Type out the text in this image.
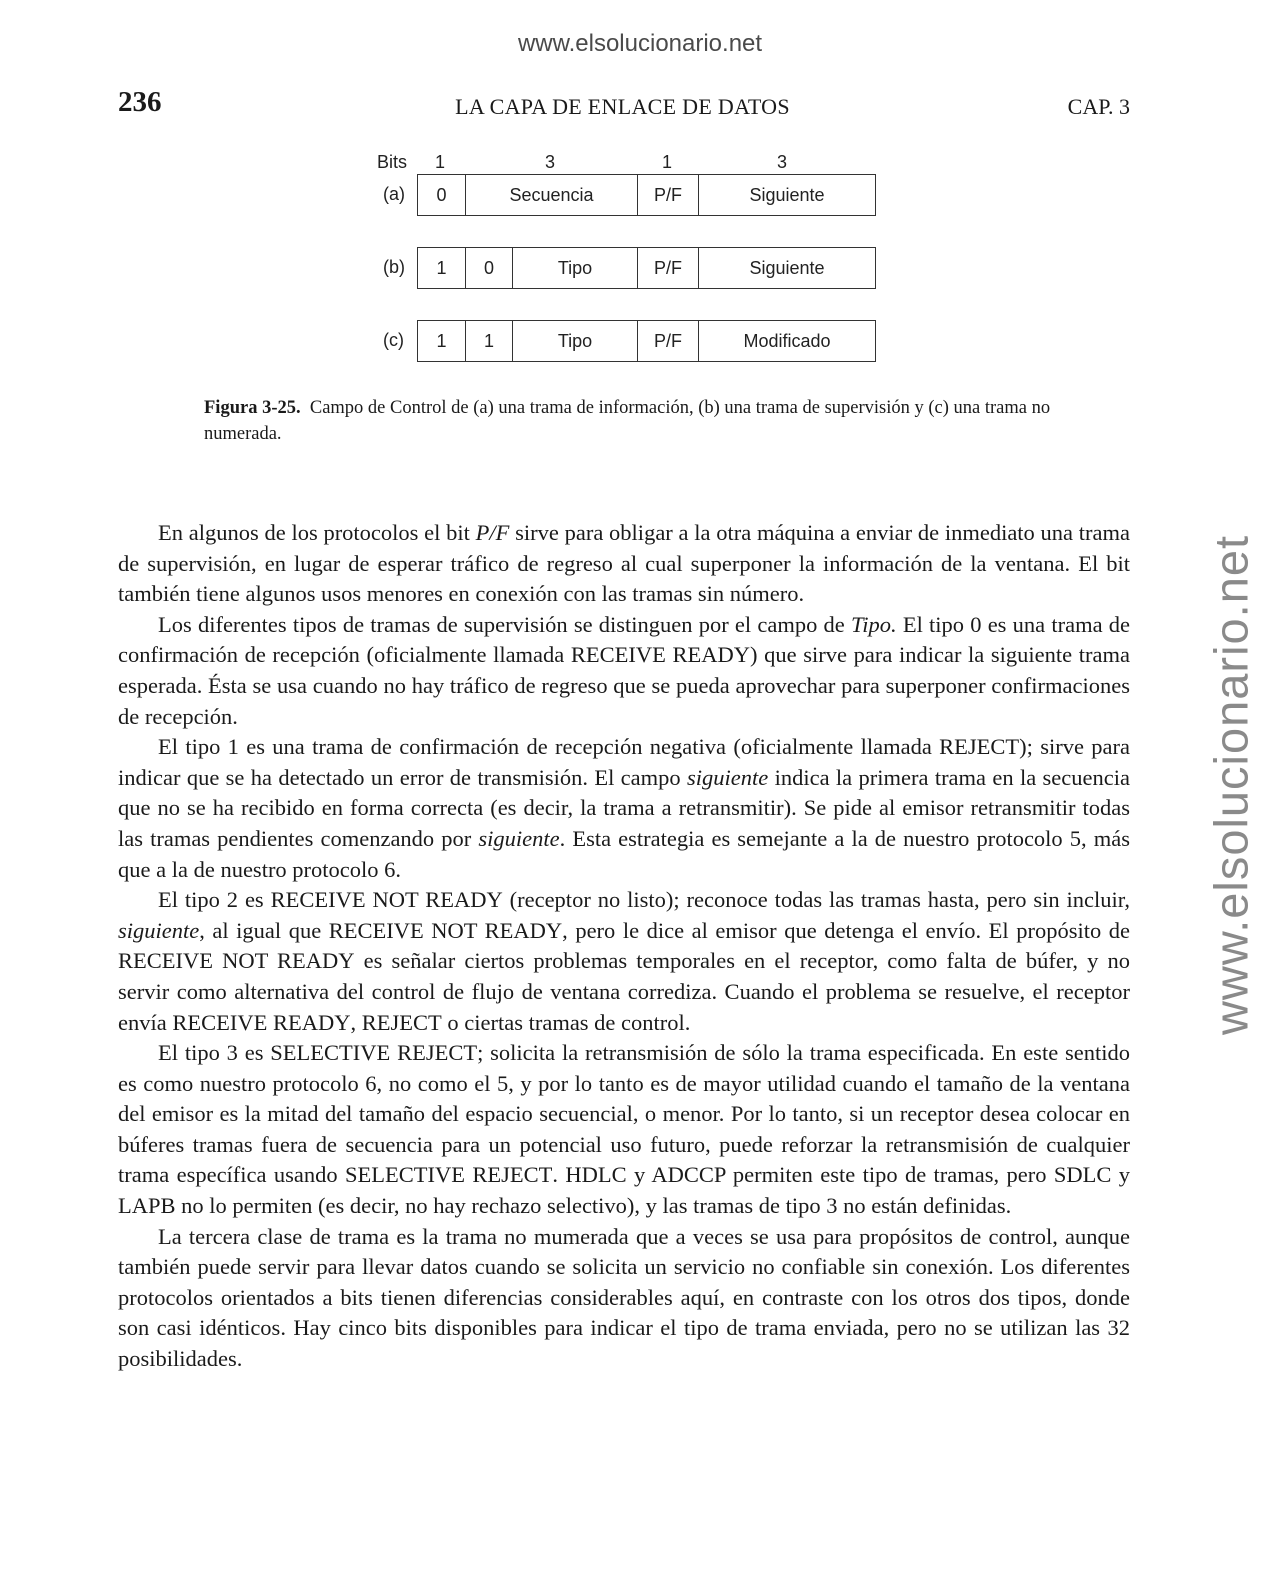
www.elsolucionario.net
www.elsolucionario.net
236	LA CAPA DE ENLACE DE DATOS	CAP. 3
Bits 1	3	1	3
(a)	0	Secuencia	P/F	Siguiente
(b)	1	0	Tipo	P/F	Siguiente
(c)	1	1	Tipo	P/F	Modificado
Figura 3-25. Campo de Control de (a) una trama de información, (b) una trama de supervisión y (c) una trama no numerada.

En algunos de los protocolos el bit P/F sirve para obligar a la otra máquina a enviar de inmediato una trama de supervisión, en lugar de esperar tráfico de regreso al cual superponer la información de la ventana. El bit también tiene algunos usos menores en conexión con las tramas sin número.

Los diferentes tipos de tramas de supervisión se distinguen por el campo de Tipo. El tipo 0 es una trama de confirmación de recepción (oficialmente llamada RECEIVE READY) que sirve para indicar la siguiente trama esperada. Ésta se usa cuando no hay tráfico de regreso que se pueda aprovechar para superponer confirmaciones de recepción.

El tipo 1 es una trama de confirmación de recepción negativa (oficialmente llamada REJECT); sirve para indicar que se ha detectado un error de transmisión. El campo siguiente indica la primera trama en la secuencia que no se ha recibido en forma correcta (es decir, la trama a retransmitir). Se pide al emisor retransmitir todas las tramas pendientes comenzando por siguiente. Esta estrategia es semejante a la de nuestro protocolo 5, más que a la de nuestro protocolo 6.

El tipo 2 es RECEIVE NOT READY (receptor no listo); reconoce todas las tramas hasta, pero sin incluir, siguiente, al igual que RECEIVE NOT READY, pero le dice al emisor que detenga el envío. El propósito de RECEIVE NOT READY es señalar ciertos problemas temporales en el receptor, como falta de búfer, y no servir como alternativa del control de flujo de ventana corrediza. Cuando el problema se resuelve, el receptor envía RECEIVE READY, REJECT o ciertas tramas de control.

El tipo 3 es SELECTIVE REJECT; solicita la retransmisión de sólo la trama especificada. En este sentido es como nuestro protocolo 6, no como el 5, y por lo tanto es de mayor utilidad cuando el tamaño de la ventana del emisor es la mitad del tamaño del espacio secuencial, o menor. Por lo tanto, si un receptor desea colocar en búferes tramas fuera de secuencia para un potencial uso futuro, puede reforzar la retransmisión de cualquier trama específica usando SELECTIVE REJECT. HDLC y ADCCP permiten este tipo de tramas, pero SDLC y LAPB no lo permiten (es decir, no hay rechazo selectivo), y las tramas de tipo 3 no están definidas.

La tercera clase de trama es la trama no mumerada que a veces se usa para propósitos de control, aunque también puede servir para llevar datos cuando se solicita un servicio no confiable sin conexión. Los diferentes protocolos orientados a bits tienen diferencias considerables aquí, en contraste con los otros dos tipos, donde son casi idénticos. Hay cinco bits disponibles para indicar el tipo de trama enviada, pero no se utilizan las 32 posibilidades.
